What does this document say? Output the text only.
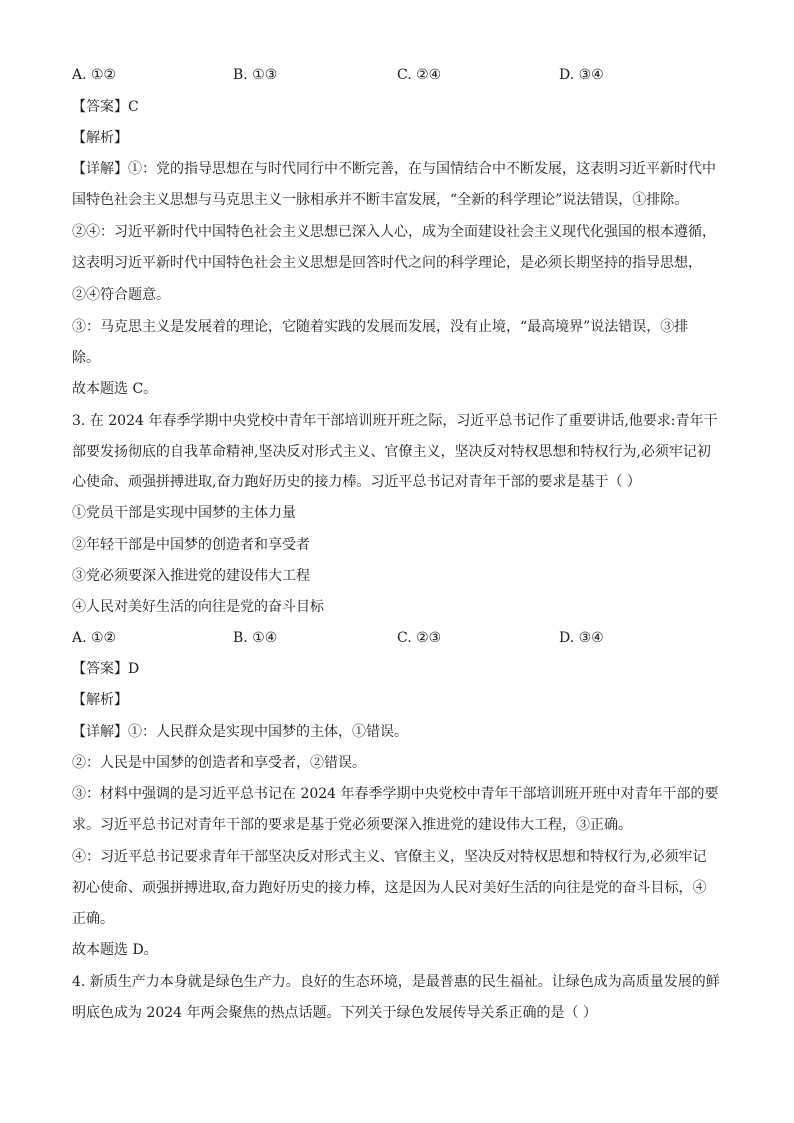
A. ①②	B. ①③	C. ②④	D. ③④
【答案】C
【解析】
【详解】①：党的指导思想在与时代同行中不断完善，在与国情结合中不断发展，这表明习近平新时代中
国特色社会主义思想与马克思主义一脉相承并不断丰富发展，“全新的科学理论”说法错误，①排除。
②④：习近平新时代中国特色社会主义思想已深入人心，成为全面建设社会主义现代化强国的根本遵循，
这表明习近平新时代中国特色社会主义思想是回答时代之问的科学理论，是必须长期坚持的指导思想，
②④符合题意。
③：马克思主义是发展着的理论，它随着实践的发展而发展，没有止境，“最高境界”说法错误，③排
除。
故本题选 C。
3. 在 2024 年春季学期中央党校中青年干部培训班开班之际，习近平总书记作了重要讲话,他要求:青年干
部要发扬彻底的自我革命精神,坚决反对形式主义、官僚主义，坚决反对特权思想和特权行为,必须牢记初
心使命、顽强拼搏进取,奋力跑好历史的接力棒。习近平总书记对青年干部的要求是基于（ ）
①党员干部是实现中国梦的主体力量
②年轻干部是中国梦的创造者和享受者
③党必须要深入推进党的建设伟大工程
④人民对美好生活的向往是党的奋斗目标
A. ①②	B. ①④	C. ②③	D. ③④
【答案】D
【解析】
【详解】①：人民群众是实现中国梦的主体，①错误。
②：人民是中国梦的创造者和享受者，②错误。
③：材料中强调的是习近平总书记在 2024 年春季学期中央党校中青年干部培训班开班中对青年干部的要
求。习近平总书记对青年干部的要求是基于党必须要深入推进党的建设伟大工程，③正确。
④：习近平总书记要求青年干部坚决反对形式主义、官僚主义，坚决反对特权思想和特权行为,必须牢记
初心使命、顽强拼搏进取,奋力跑好历史的接力棒，这是因为人民对美好生活的向往是党的奋斗目标，④
正确。
故本题选 D。
4. 新质生产力本身就是绿色生产力。良好的生态环境，是最普惠的民生福祉。让绿色成为高质量发展的鲜
明底色成为 2024 年两会聚焦的热点话题。下列关于绿色发展传导关系正确的是（ ）
